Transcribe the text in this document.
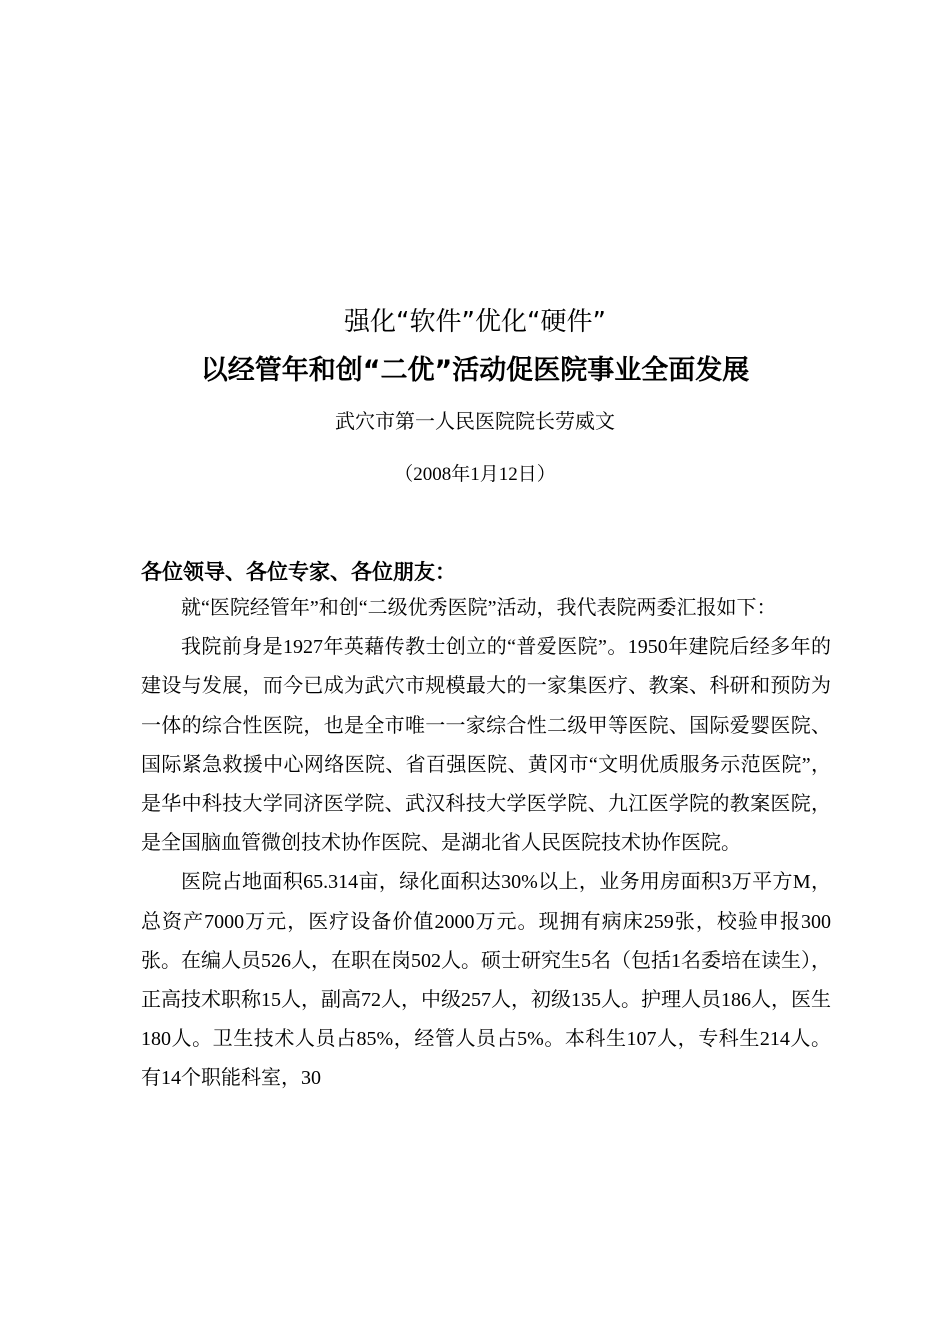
强化“软件”优化“硬件”
以经管年和创“二优”活动促医院事业全面发展
武穴市第一人民医院院长劳威文
（2008年1月12日）
各位领导、各位专家、各位朋友：

就“医院经管年”和创“二级优秀医院”活动，我代表院两委汇报如下：

我院前身是1927年英藉传教士创立的“普爱医院”。1950年建院后经多年的建设与发展，而今已成为武穴市规模最大的一家集医疗、教案、科研和预防为一体的综合性医院，也是全市唯一一家综合性二级甲等医院、国际爱婴医院、国际紧急救援中心网络医院、省百强医院、黄冈市“文明优质服务示范医院”，是华中科技大学同济医学院、武汉科技大学医学院、九江医学院的教案医院，是全国脑血管微创技术协作医院、是湖北省人民医院技术协作医院。

医院占地面积65.314亩，绿化面积达30%以上，业务用房面积3万平方M，总资产7000万元，医疗设备价值2000万元。现拥有病床259张，校验申报300张。在编人员526人，在职在岗502人。硕士研究生5名（包括1名委培在读生），正高技术职称15人，副高72人，中级257人，初级135人。护理人员186人，医生180人。卫生技术人员占85%，经管人员占5%。本科生107人，专科生214人。有14个职能科室，30
